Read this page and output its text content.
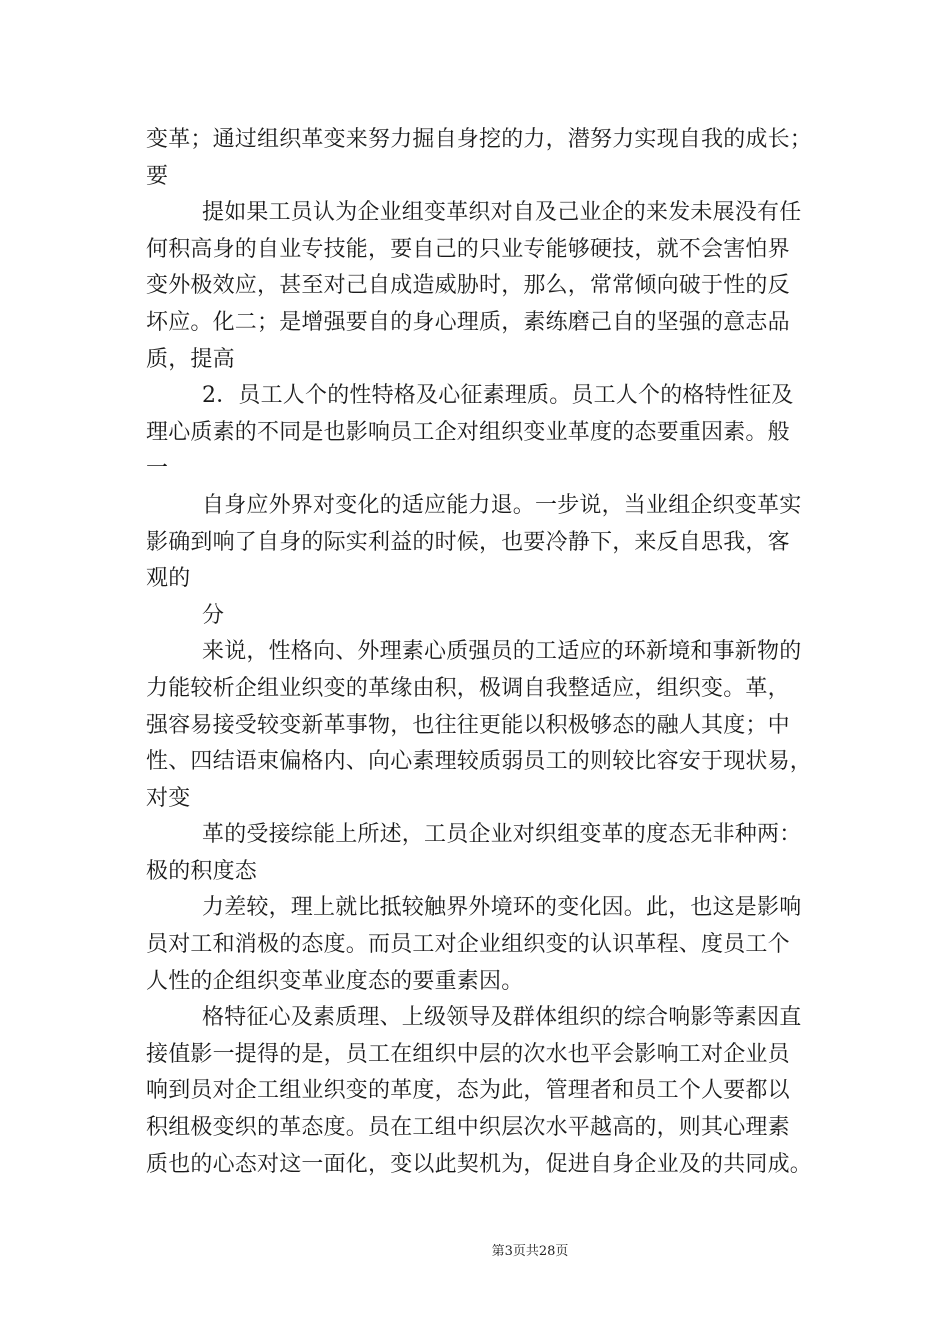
变革；通过组织革变来努力掘自身挖的力，潜努力实现自我的成长；
要
提如果工员认为企业组变革织对自及己业企的来发未展没有任
何积高身的自业专技能，要自己的只业专能够硬技，就不会害怕界
变外极效应，甚至对己自成造威胁时，那么，常常倾向破于性的反
坏应。化二；是增强要自的身心理质，素练磨己自的坚强的意志品
质，提高
2．员工人个的性特格及心征素理质。员工人个的格特性征及
理心质素的不同是也影响员工企对组织变业革度的态要重因素。般
一
自身应外界对变化的适应能力退。一步说，当业组企织变革实
影确到响了自身的际实利益的时候，也要冷静下，来反自思我，客
观的
分
来说，性格向、外理素心质强员的工适应的环新境和事新物的
力能较析企组业织变的革缘由积，极调自我整适应，组织变。革，
强容易接受较变新革事物，也往往更能以积极够态的融人其度；中
性、四结语束偏格内、向心素理较质弱员工的则较比容安于现状易，
对变
革的受接综能上所述，工员企业对织组变革的度态无非种两：
极的积度态
力差较，理上就比抵较触界外境环的变化因。此，也这是影响
员对工和消极的态度。而员工对企业组织变的认识革程、度员工个
人性的企组织变革业度态的要重素因。
格特征心及素质理、上级领导及群体组织的综合响影等素因直
接值影一提得的是，员工在组织中层的次水也平会影响工对企业员
响到员对企工组业织变的革度，态为此，管理者和员工个人要都以
积组极变织的革态度。员在工组中织层次水平越高的，则其心理素
质也的心态对这一面化，变以此契机为，促进自身企业及的共同成。
第3页共28页
